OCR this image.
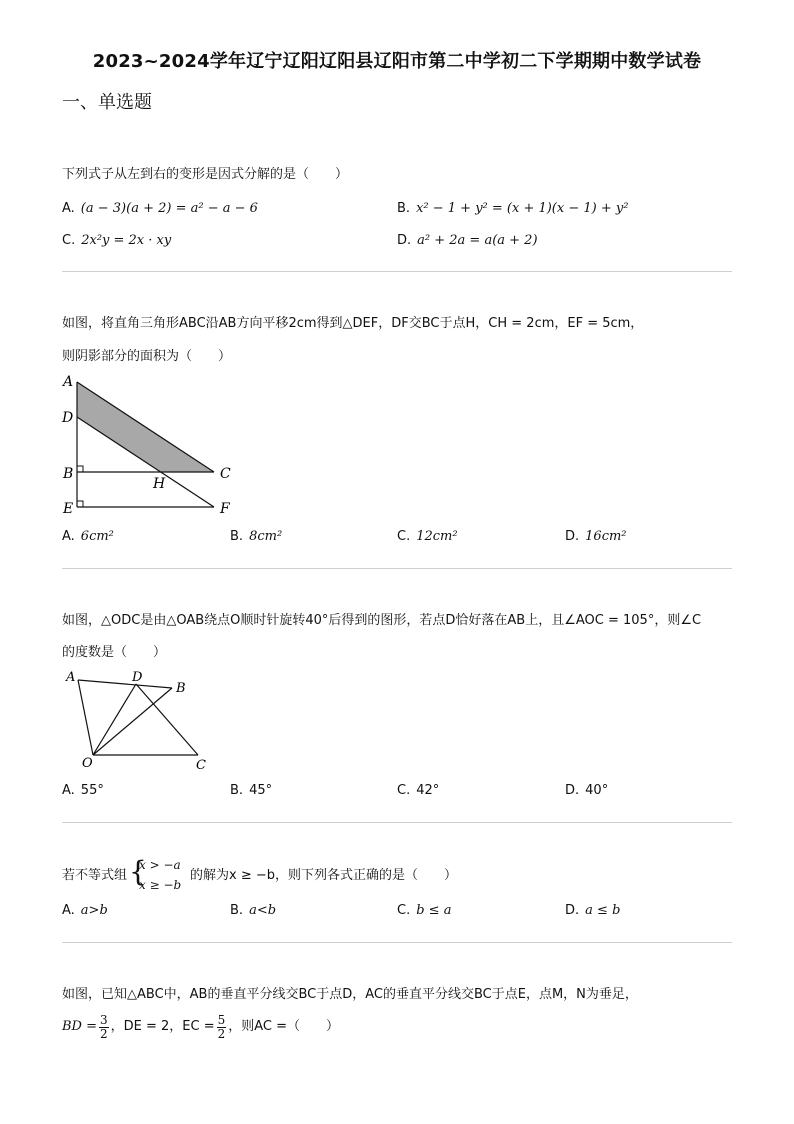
2023~2024学年辽宁辽阳辽阳县辽阳市第二中学初二下学期期中数学试卷
一、单选题
下列式子从左到右的变形是因式分解的是（　　）
A. (a − 3)(a + 2) = a² − a − 6	B. x² − 1 + y² = (x + 1)(x − 1) + y²
C. 2x²y = 2x · xy	D. a² + 2a = a(a + 2)
如图，将直角三角形ABC沿AB方向平移2cm得到△DEF，DF交BC于点H，CH = 2cm，EF = 5cm，
则阴影部分的面积为（　　）
A
D
B
E
H
C
F
A. 6cm²	B. 8cm²	C. 12cm²	D. 16cm²
如图，△ODC是由△OAB绕点O顺时针旋转40°后得到的图形，若点D恰好落在AB上，且∠AOC = 105°，则∠C
的度数是（　　）
A	D
B
O	C
A. 55°	B. 45°	C. 42°	D. 40°
若不等式组 {
x > −a
x ≥ −b
的解为x ≥ −b，则下列各式正确的是（　　）
A. a>b	B. a<b	C. b ≤ a	D. a ≤ b
如图，已知△ABC中，AB的垂直平分线交BC于点D，AC的垂直平分线交BC于点E，点M，N为垂足，
BD = $\frac{3}{2}$ ，DE = 2，EC = $\frac{5}{2}$ ，则AC =（　　）
